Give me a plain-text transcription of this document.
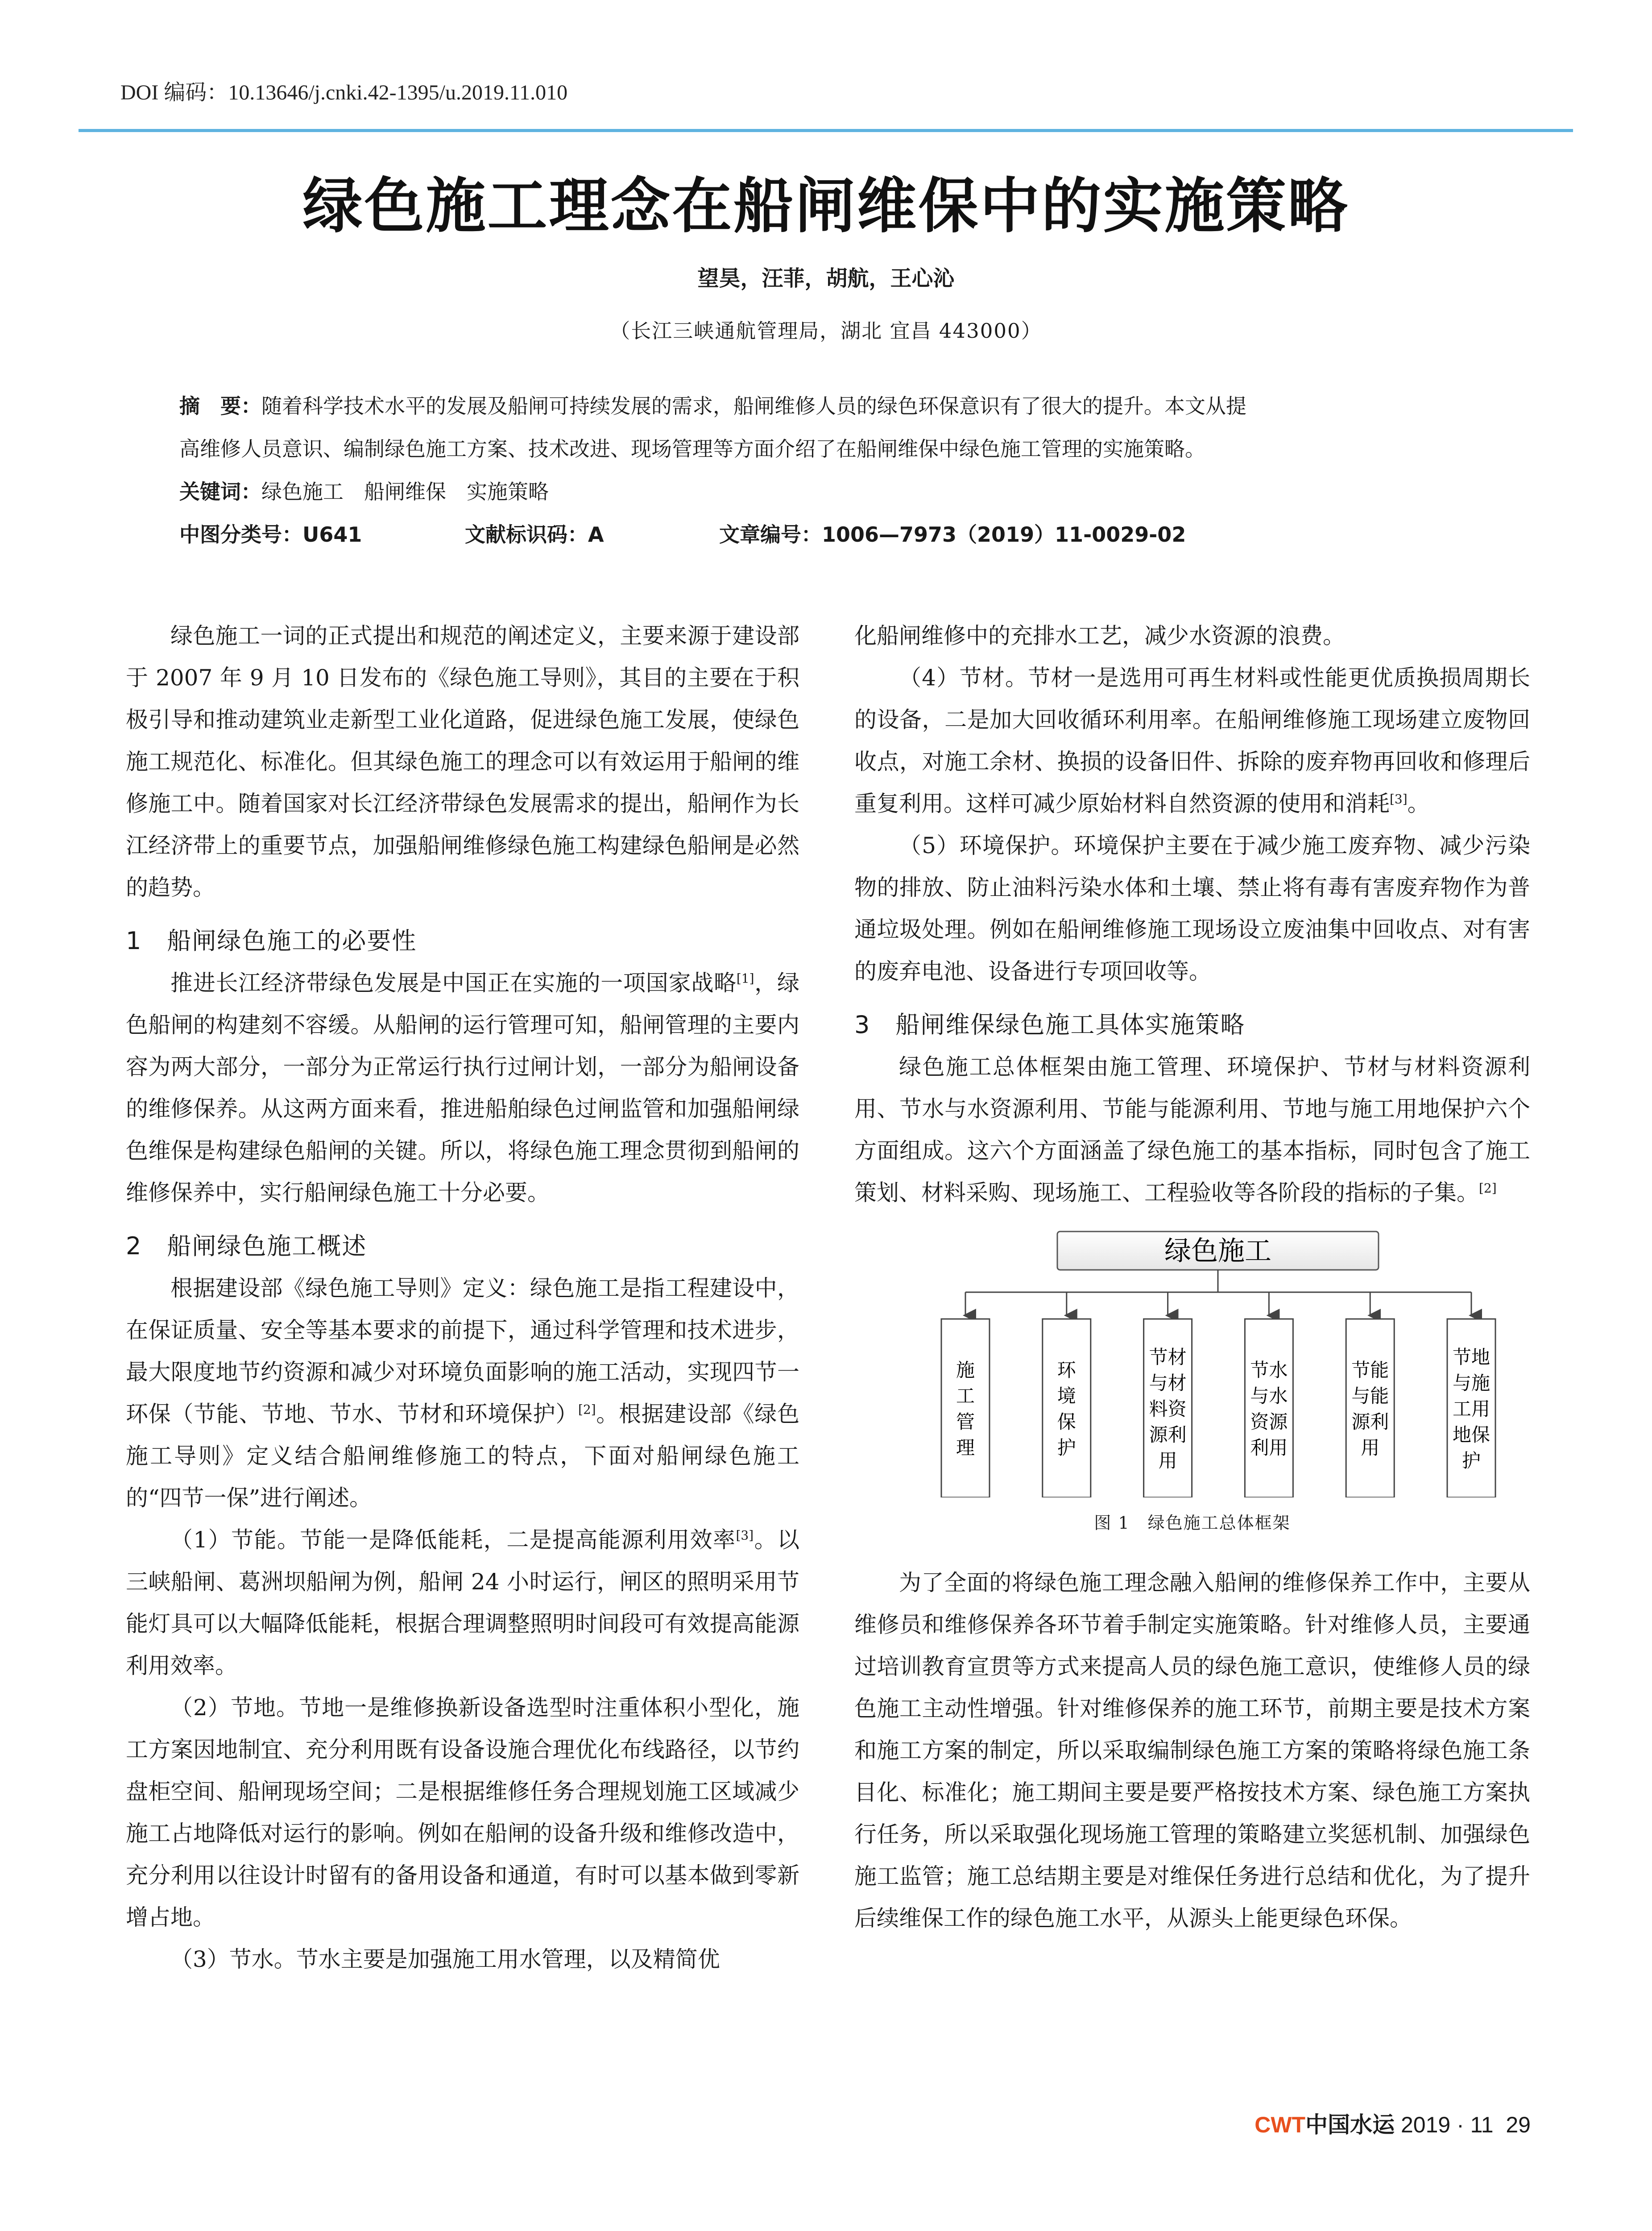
DOI 编码：10.13646/j.cnki.42-1395/u.2019.11.010
绿色施工理念在船闸维保中的实施策略
望昊，汪菲，胡航，王心沁
（长江三峡通航管理局，湖北 宜昌 443000）
摘　要：随着科学技术水平的发展及船闸可持续发展的需求，船闸维修人员的绿色环保意识有了很大的提升。本文从提
高维修人员意识、编制绿色施工方案、技术改进、现场管理等方面介绍了在船闸维保中绿色施工管理的实施策略。
关键词：绿色施工　船闸维保　实施策略
中图分类号：U641	文献标识码：A	文章编号：1006—7973（2019）11-0029-02

绿色施工一词的正式提出和规范的阐述定义，主要来源于建设部于 2007 年 9 月 10 日发布的《绿色施工导则》，其目的主要在于积极引导和推动建筑业走新型工业化道路，促进绿色施工发展，使绿色施工规范化、标准化。但其绿色施工的理念可以有效运用于船闸的维修施工中。随着国家对长江经济带绿色发展需求的提出，船闸作为长江经济带上的重要节点，加强船闸维修绿色施工构建绿色船闸是必然的趋势。

1　船闸绿色施工的必要性

推进长江经济带绿色发展是中国正在实施的一项国家战略[1]，绿色船闸的构建刻不容缓。从船闸的运行管理可知，船闸管理的主要内容为两大部分，一部分为正常运行执行过闸计划，一部分为船闸设备的维修保养。从这两方面来看，推进船舶绿色过闸监管和加强船闸绿色维保是构建绿色船闸的关键。所以，将绿色施工理念贯彻到船闸的维修保养中，实行船闸绿色施工十分必要。

2　船闸绿色施工概述

根据建设部《绿色施工导则》定义：绿色施工是指工程建设中，在保证质量、安全等基本要求的前提下，通过科学管理和技术进步，最大限度地节约资源和减少对环境负面影响的施工活动，实现四节一环保（节能、节地、节水、节材和环境保护）[2]。根据建设部《绿色施工导则》定义结合船闸维修施工的特点，下面对船闸绿色施工的“四节一保”进行阐述。

（1）节能。节能一是降低能耗，二是提高能源利用效率[3]。以三峡船闸、葛洲坝船闸为例，船闸 24 小时运行，闸区的照明采用节能灯具可以大幅降低能耗，根据合理调整照明时间段可有效提高能源利用效率。

（2）节地。节地一是维修换新设备选型时注重体积小型化，施工方案因地制宜、充分利用既有设备设施合理优化布线路径，以节约盘柜空间、船闸现场空间；二是根据维修任务合理规划施工区域减少施工占地降低对运行的影响。例如在船闸的设备升级和维修改造中，充分利用以往设计时留有的备用设备和通道，有时可以基本做到零新增占地。

（3）节水。节水主要是加强施工用水管理，以及精简优

化船闸维修中的充排水工艺，减少水资源的浪费。

（4）节材。节材一是选用可再生材料或性能更优质换损周期长的设备，二是加大回收循环利用率。在船闸维修施工现场建立废物回收点，对施工余材、换损的设备旧件、拆除的废弃物再回收和修理后重复利用。这样可减少原始材料自然资源的使用和消耗[3]。

（5）环境保护。环境保护主要在于减少施工废弃物、减少污染物的排放、防止油料污染水体和土壤、禁止将有毒有害废弃物作为普通垃圾处理。例如在船闸维修施工现场设立废油集中回收点、对有害的废弃电池、设备进行专项回收等。

3　船闸维保绿色施工具体实施策略

绿色施工总体框架由施工管理、环境保护、节材与材料资源利用、节水与水资源利用、节能与能源利用、节地与施工用地保护六个方面组成。这六个方面涵盖了绿色施工的基本指标，同时包含了施工策划、材料采购、现场施工、工程验收等各阶段的指标的子集。[2]

绿色施工
施
工
管
理
环
境
保
护
节材
与材
料资
源利
用
节水
与水
资源
利用
节能
与能
源利
用
节地
与施
工用
地保
护
图 1　绿色施工总体框架

为了全面的将绿色施工理念融入船闸的维修保养工作中，主要从维修员和维修保养各环节着手制定实施策略。针对维修人员，主要通过培训教育宣贯等方式来提高人员的绿色施工意识，使维修人员的绿色施工主动性增强。针对维修保养的施工环节，前期主要是技术方案和施工方案的制定，所以采取编制绿色施工方案的策略将绿色施工条目化、标准化；施工期间主要是要严格按技术方案、绿色施工方案执行任务，所以采取强化现场施工管理的策略建立奖惩机制、加强绿色施工监管；施工总结期主要是对维保任务进行总结和优化，为了提升后续维保工作的绿色施工水平，从源头上能更绿色环保。

CWT中国水运 2019 · 11 29
